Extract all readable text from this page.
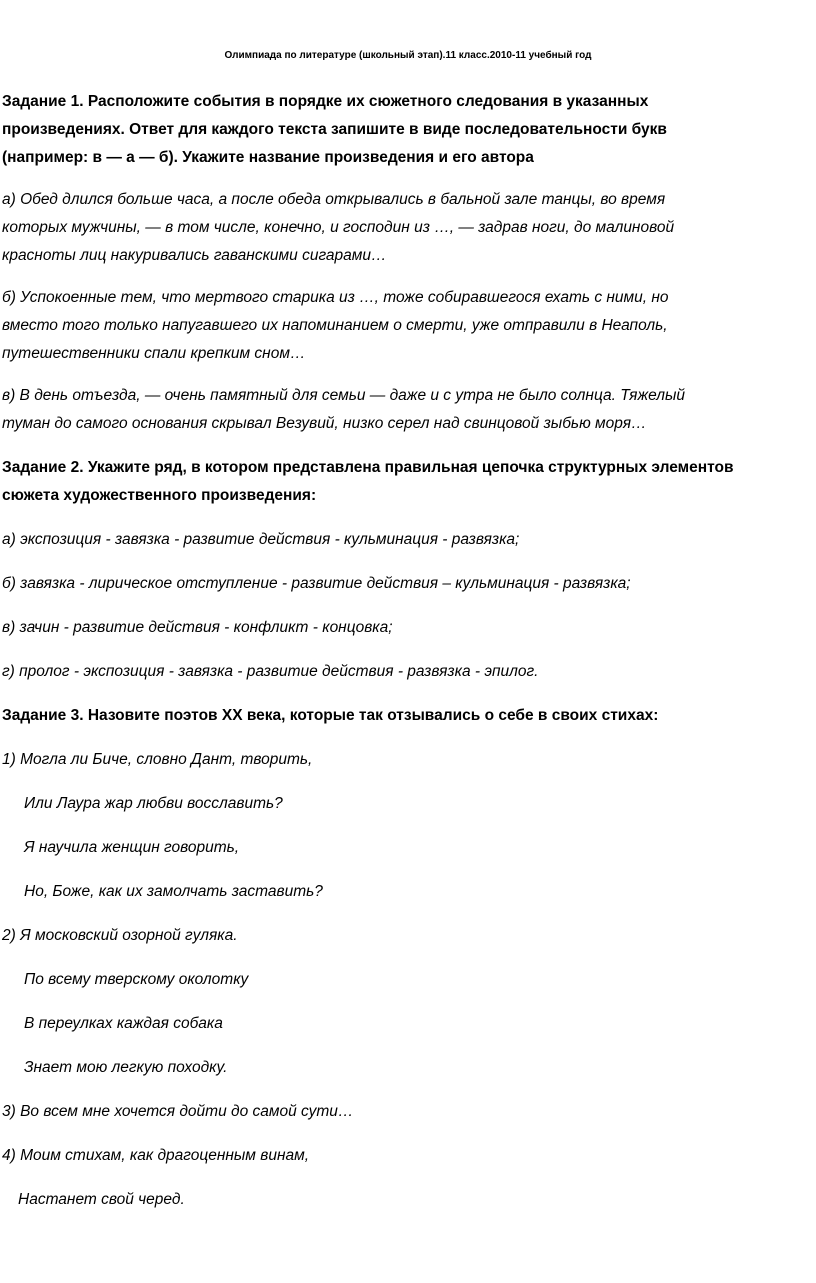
Олимпиада по литературе (школьный этап).11 класс.2010-11 учебный год
Задание 1. Расположите события в порядке их сюжетного следования в указанных
произведениях. Ответ для каждого текста запишите в виде последовательности букв
(например: в — а — б). Укажите название произведения и его автора
а) Обед длился больше часа, а после обеда открывались в бальной зале танцы, во время
которых мужчины, — в том числе, конечно, и господин из …, — задрав ноги, до малиновой
красноты лиц накуривались гаванскими сигарами…
б) Успокоенные тем, что мертвого старика из …, тоже собиравшегося ехать с ними, но
вместо того только напугавшего их напоминанием о смерти, уже отправили в Неаполь,
путешественники спали крепким сном…
в) В день отъезда, — очень памятный для семьи — даже и с утра не было солнца. Тяжелый
туман до самого основания скрывал Везувий, низко серел над свинцовой зыбью моря…
Задание 2. Укажите ряд, в котором представлена правильная цепочка структурных элементов
сюжета художественного произведения:
а) экспозиция - завязка - развитие действия - кульминация - развязка;
б) завязка - лирическое отступление - развитие действия – кульминация - развязка;
в) зачин - развитие действия - конфликт - концовка;
г) пролог - экспозиция - завязка - развитие действия - развязка - эпилог.
Задание 3. Назовите поэтов ХХ века, которые так отзывались о себе в своих стихах:
1) Могла ли Биче, словно Дант, творить,
Или Лаура жар любви восславить?
Я научила женщин говорить,
Но, Боже, как их замолчать заставить?
2) Я московский озорной гуляка.
По всему тверскому околотку
В переулках каждая собака
Знает мою легкую походку.
3) Во всем мне хочется дойти до самой сути…
4) Моим стихам, как драгоценным винам,
Настанет свой черед.
